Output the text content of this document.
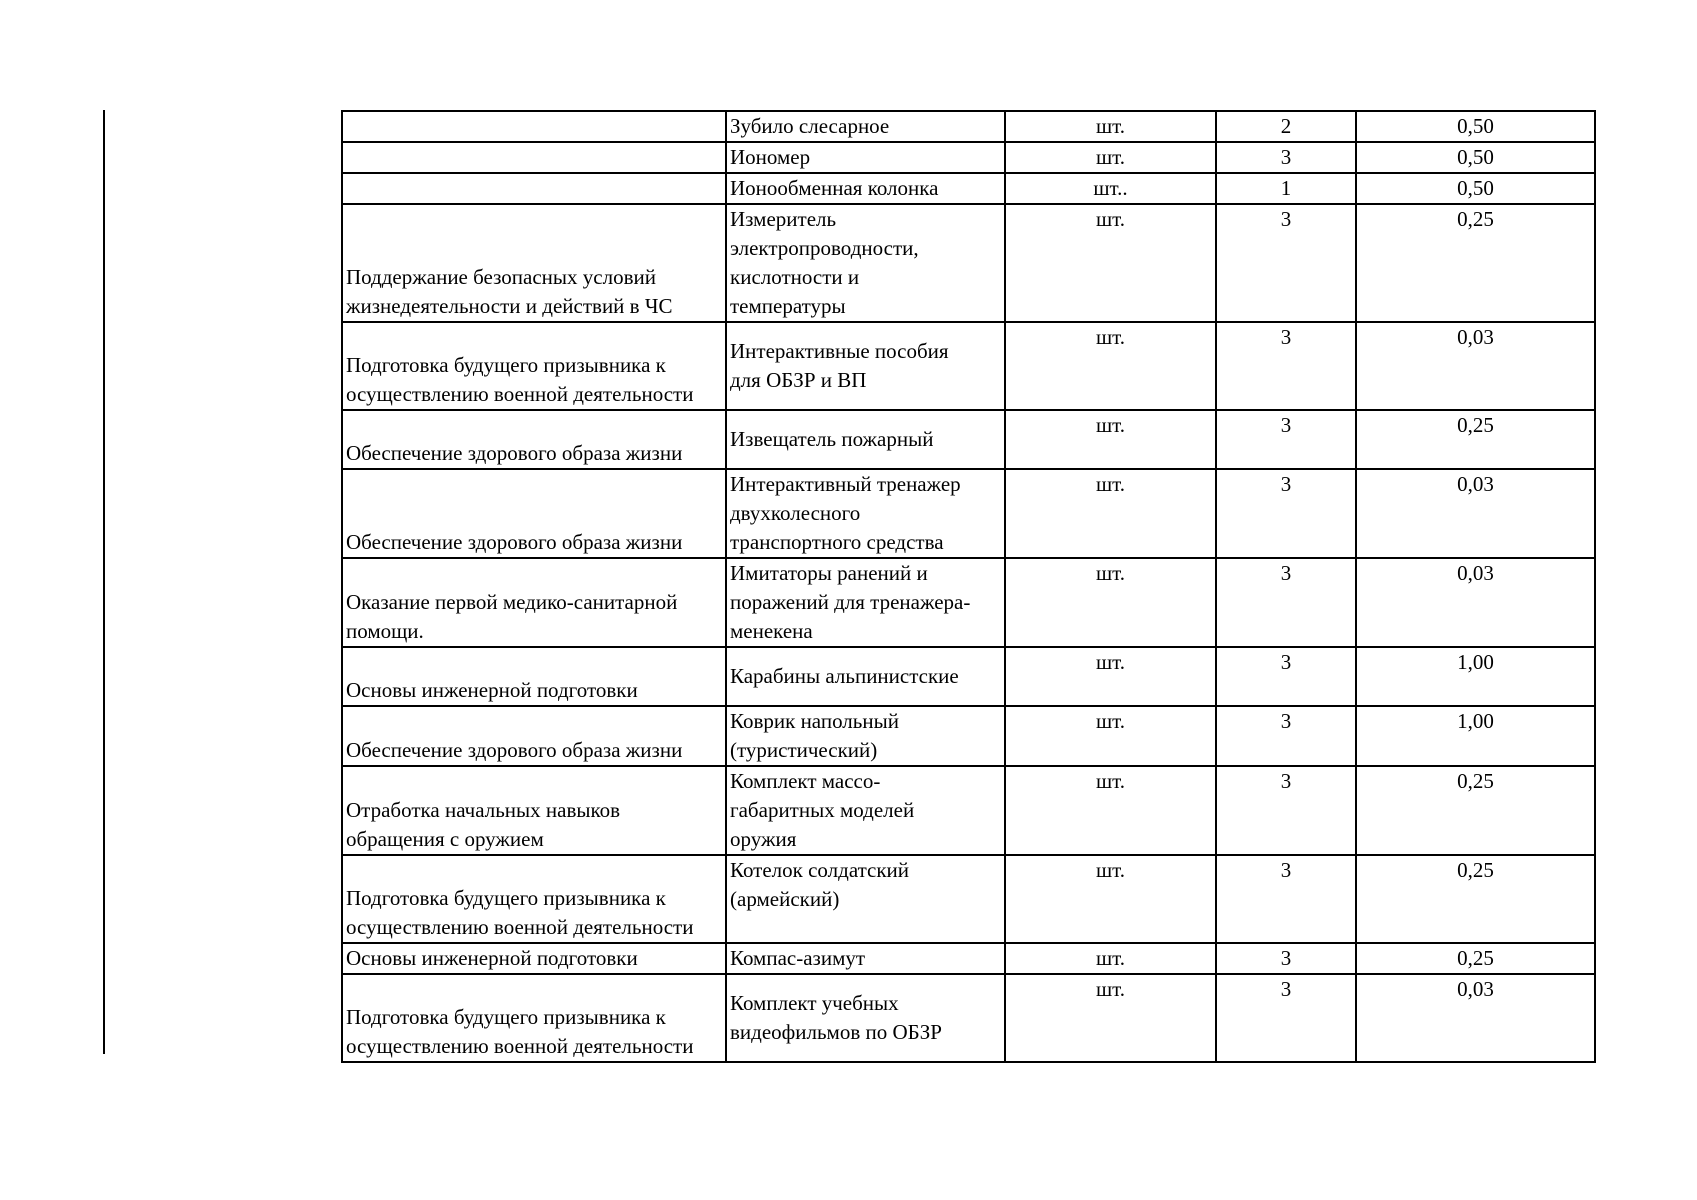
	Зубило слесарное	шт.	2	0,50
	Иономер	шт.	3	0,50
	Ионообменная колонка	шт..	1	0,50
Поддержание безопасных условий
жизнедеятельности и действий в ЧС	Измеритель
электропроводности,
кислотности и
температуры	шт.	3	0,25
Подготовка будущего призывника к
осуществлению военной деятельности	Интерактивные пособия
для ОБЗР и ВП	шт.	3	0,03
Обеспечение здорового образа жизни	Извещатель пожарный	шт.	3	0,25
Обеспечение здорового образа жизни	Интерактивный тренажер
двухколесного
транспортного средства	шт.	3	0,03
Оказание первой медико-санитарной
помощи.	Имитаторы ранений и
поражений для тренажера-
менекена	шт.	3	0,03
Основы инженерной подготовки	Карабины альпинистские	шт.	3	1,00
Обеспечение здорового образа жизни	Коврик напольный
(туристический)	шт.	3	1,00
Отработка начальных навыков
обращения с оружием	Комплект массо-
габаритных моделей
оружия	шт.	3	0,25
Подготовка будущего призывника к
осуществлению военной деятельности	Котелок солдатский
(армейский)	шт.	3	0,25
Основы инженерной подготовки	Компас-азимут	шт.	3	0,25
Подготовка будущего призывника к
осуществлению военной деятельности	Комплект учебных
видеофильмов по ОБЗР	шт.	3	0,03
